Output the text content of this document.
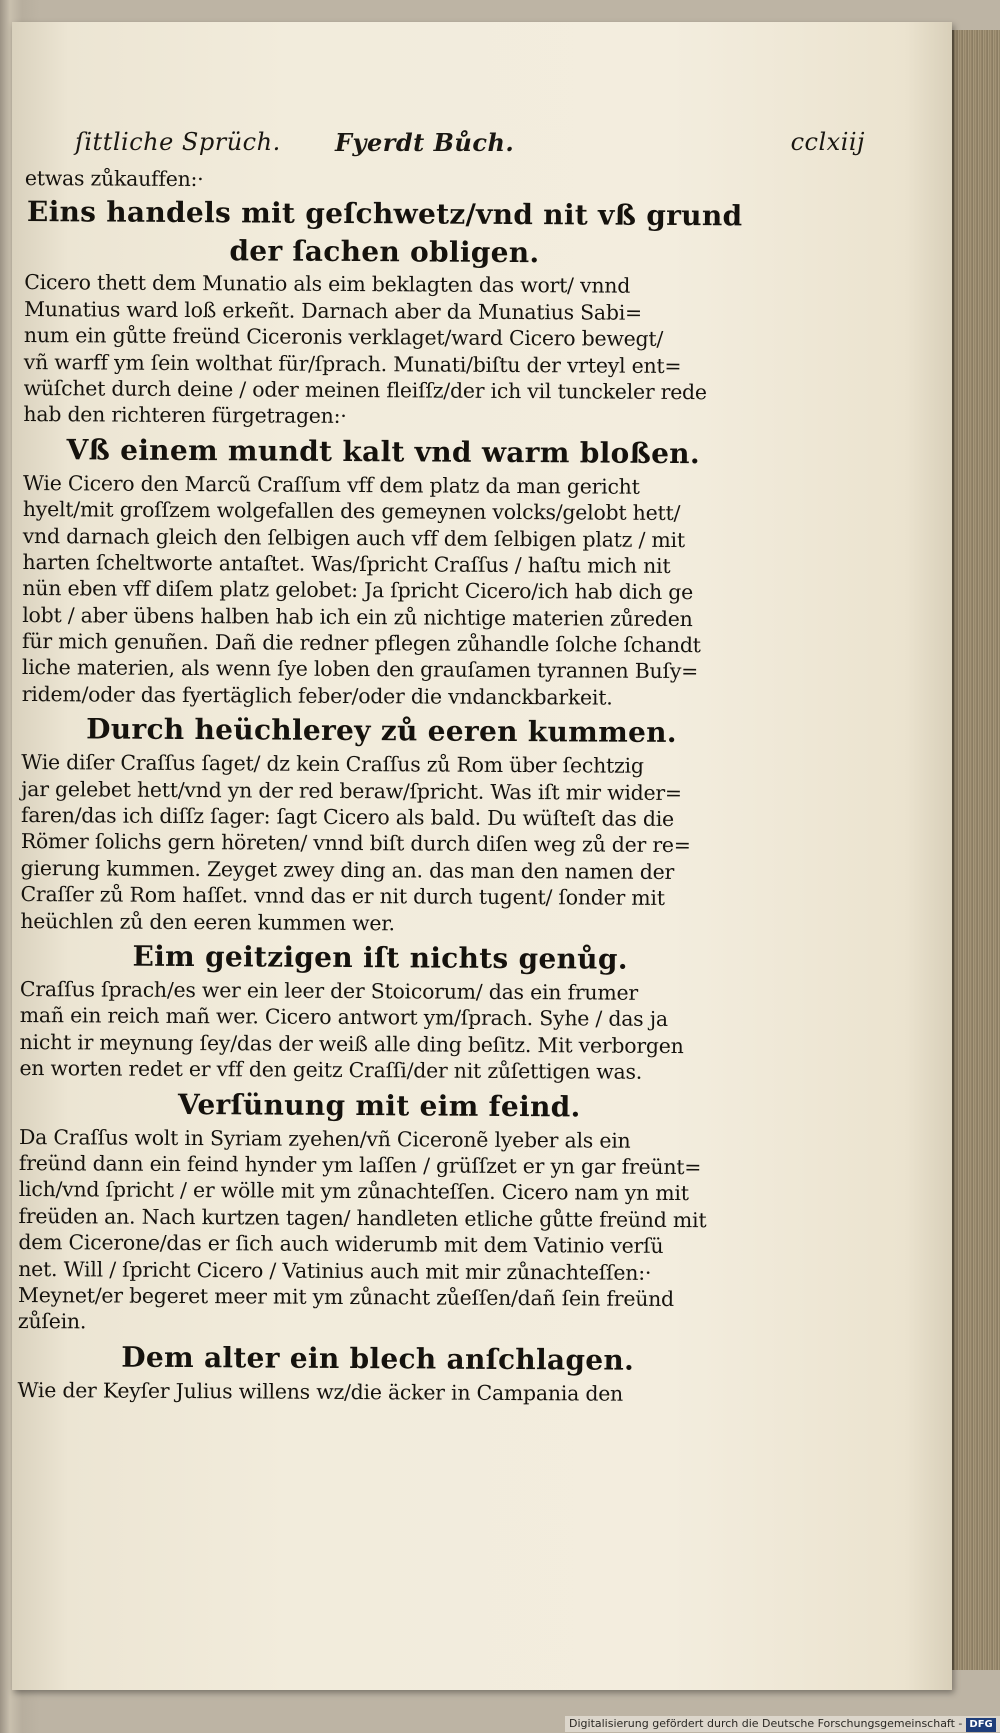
ſittliche Sprüch. Fyerdt Bůch.	cclxiij
etwas zůkauffen:·
Eins handels mit geſchwetz/vnd nit vß grund
der ſachen obligen.
Cicero thett dem Munatio als eim beklagten das wort/ vnnd
Munatius ward loß erkeñt. Darnach aber da Munatius Sabi=
num ein gůtte freünd Ciceronis verklaget/ward Cicero bewegt/
vñ warff ym ſein wolthat für/ſprach. Munati/biſtu der vrteyl ent=
wüſchet durch deine / oder meinen fleiſſz/der ich vil tunckeler rede
hab den richteren fürgetragen:·
Vß einem mundt kalt vnd warm bloßen.
Wie Cicero den Marcũ Craſſum vff dem platz da man gericht
hyelt/mit groſſzem wolgefallen des gemeynen volcks/gelobt hett/
vnd darnach gleich den ſelbigen auch vff dem ſelbigen platz / mit
harten ſcheltworte antaſtet. Was/ſpricht Craſſus / haſtu mich nit
nün eben vff diſem platz gelobet: Ja ſpricht Cicero/ich hab dich ge
lobt / aber übens halben hab ich ein zů nichtige materien zůreden
für mich genuñen. Dañ die redner pflegen zůhandle ſolche ſchandt
liche materien, als wenn ſye loben den grauſamen tyrannen Buſy=
ridem/oder das fyertäglich feber/oder die vndanckbarkeit.
Durch heüchlerey zů eeren kummen.
Wie diſer Craſſus ſaget/ dz kein Craſſus zů Rom über ſechtzig
jar gelebet hett/vnd yn der red beraw/ſpricht. Was iſt mir wider=
faren/das ich diſſz ſager: ſagt Cicero als bald. Du wüſteſt das die
Römer ſolichs gern höreten/ vnnd biſt durch diſen weg zů der re=
gierung kummen. Zeyget zwey ding an. das man den namen der
Craſſer zů Rom haſſet. vnnd das er nit durch tugent/ ſonder mit
heüchlen zů den eeren kummen wer.
Eim geitzigen iſt nichts genůg.
Craſſus ſprach/es wer ein leer der Stoicorum/ das ein frumer
mañ ein reich mañ wer. Cicero antwort ym/ſprach. Syhe / das ja
nicht ir meynung ſey/das der weiß alle ding beſitz. Mit verborgen
en worten redet er vff den geitz Craſſi/der nit zůſettigen was.
Verſünung mit eim feind.
Da Craſſus wolt in Syriam zyehen/vñ Ciceronẽ lyeber als ein
freünd dann ein feind hynder ym laſſen / grüſſzet er yn gar freünt=
lich/vnd ſpricht / er wölle mit ym zůnachteſſen. Cicero nam yn mit
freüden an. Nach kurtzen tagen/ handleten etliche gůtte freünd mit
dem Cicerone/das er ſich auch widerumb mit dem Vatinio verſü
net. Will / ſpricht Cicero / Vatinius auch mit mir zůnachteſſen:·
Meynet/er begeret meer mit ym zůnacht zůeſſen/dañ ſein freünd
zůſein.
Dem alter ein blech anſchlagen.
Wie der Keyſer Julius willens wz/die äcker in Campania den
Digitalisierung gefördert durch die Deutsche Forschungsgemeinschaft - DFG
